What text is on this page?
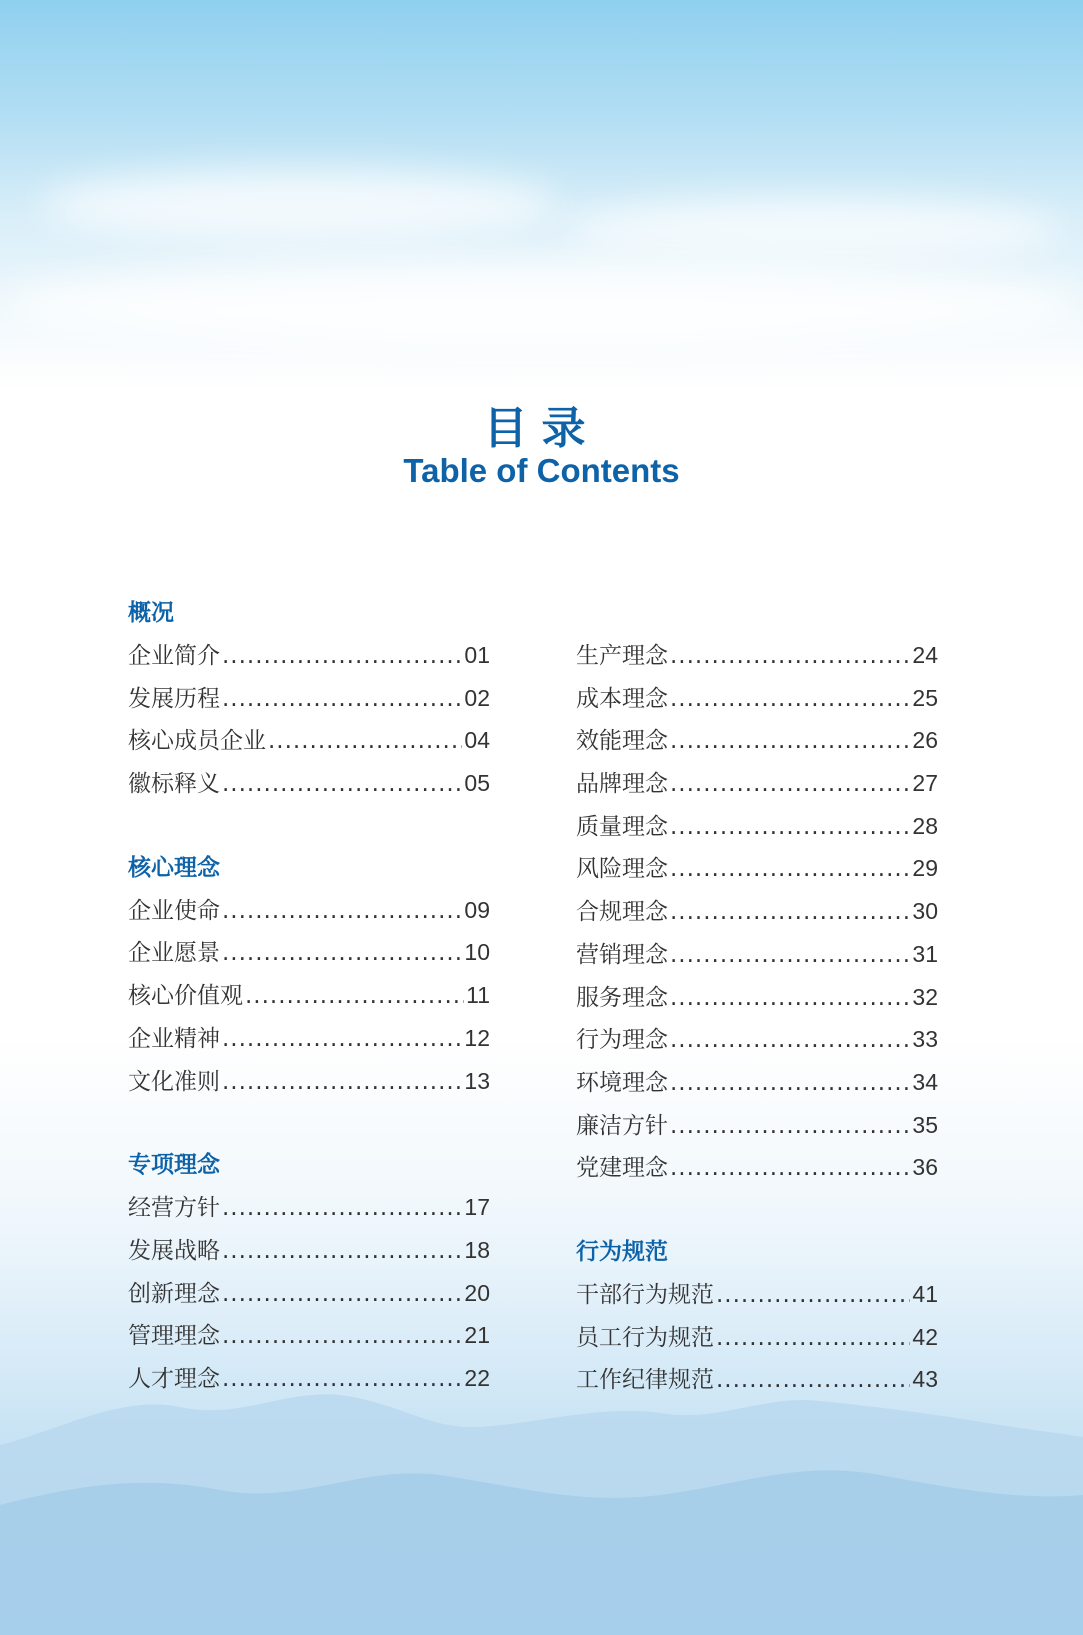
目录
Table of Contents
概况
企业简介 .....	01
发展历程 .....	02
核心成员企业 .....	04
徽标释义 .....	05
核心理念
企业使命 .....	09
企业愿景 .....	10
核心价值观 .....	11
企业精神 .....	12
文化准则 .....	13
专项理念
经营方针 .....	17
发展战略 .....	18
创新理念 .....	20
管理理念 .....	21
人才理念 .....	22
生产理念 .....	24
成本理念 .....	25
效能理念 .....	26
品牌理念 .....	27
质量理念 .....	28
风险理念 .....	29
合规理念 .....	30
营销理念 .....	31
服务理念 .....	32
行为理念 .....	33
环境理念 .....	34
廉洁方针 .....	35
党建理念 .....	36
行为规范
干部行为规范 .....	41
员工行为规范 .....	42
工作纪律规范 .....	43
